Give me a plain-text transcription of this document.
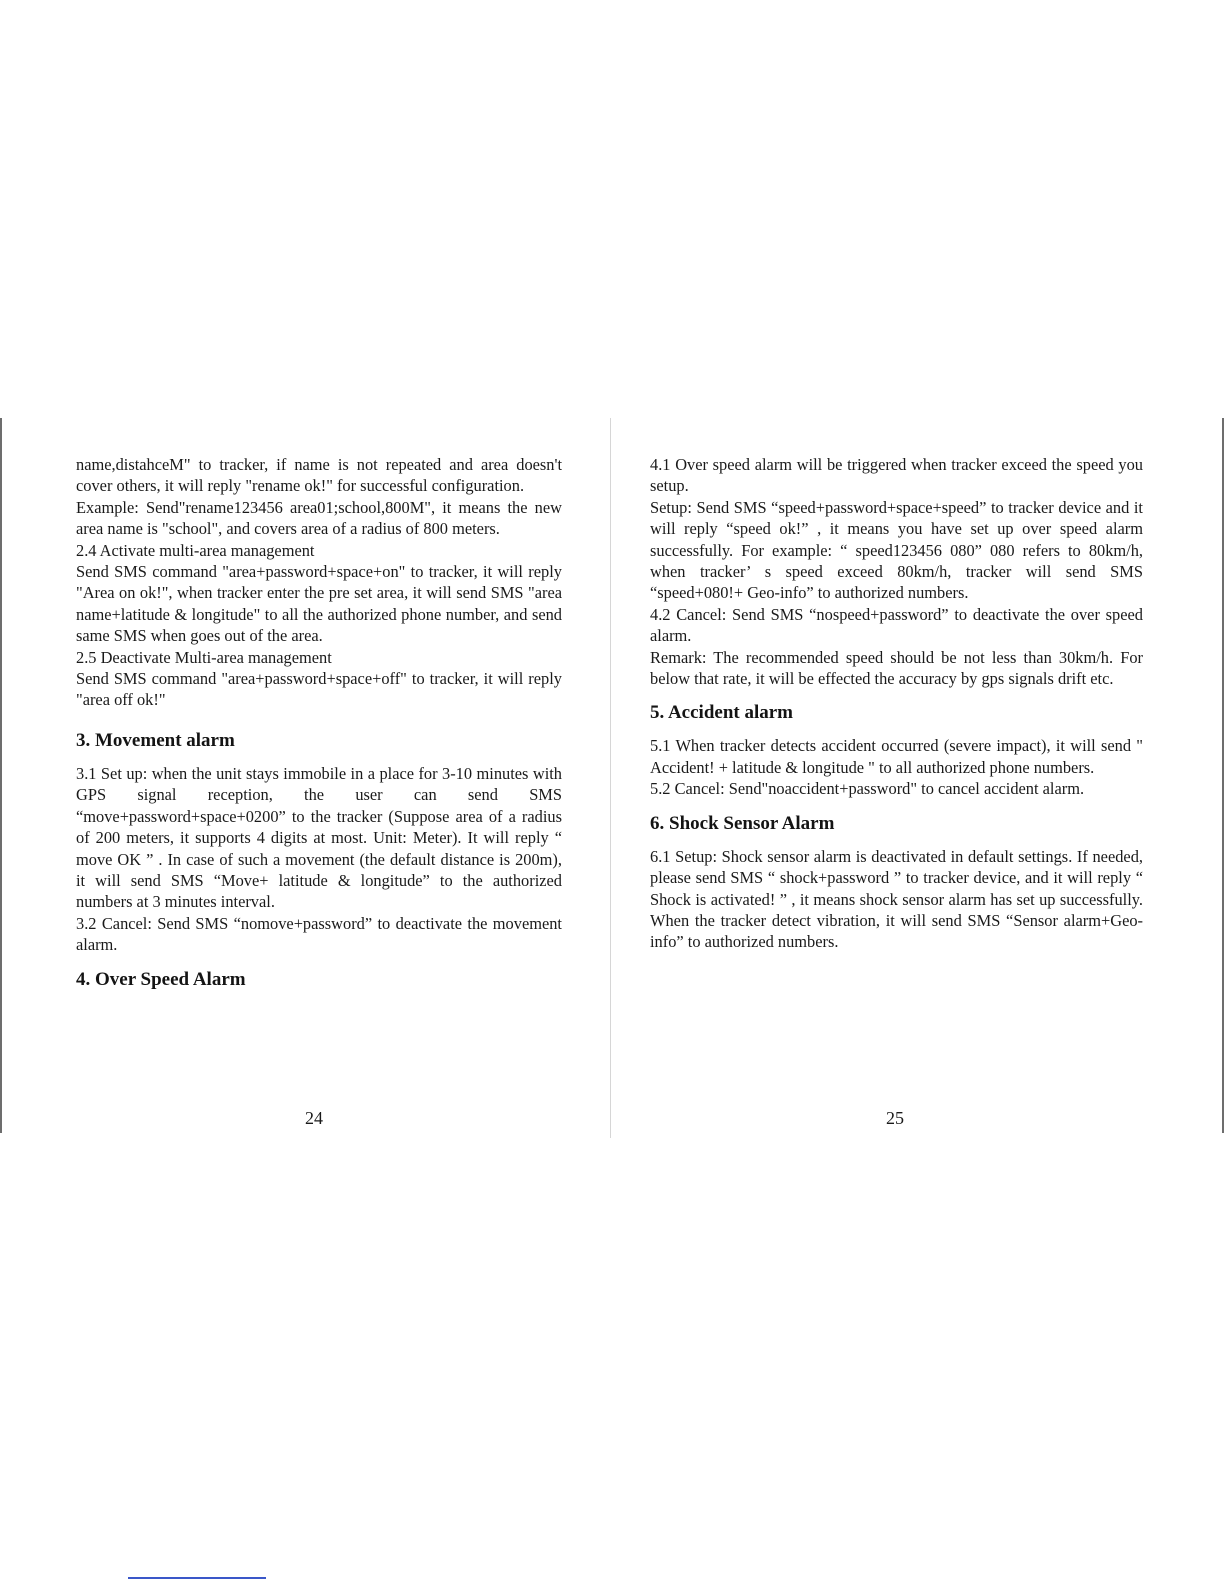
name,distahceM" to tracker, if name is not repeated and area doesn't cover others, it will reply "rename ok!" for successful configuration.

Example: Send"rename123456 area01;school,800M", it means the new area name is "school", and covers area of a radius of 800 meters.

2.4 Activate multi-area management

Send SMS command "area+password+space+on" to tracker, it will reply "Area on ok!", when tracker enter the pre set area, it will send SMS "area name+latitude & longitude" to all the authorized phone number, and send same SMS when goes out of the area.

2.5 Deactivate Multi-area management

Send SMS command "area+password+space+off" to tracker, it will reply "area off ok!"

3. Movement alarm

3.1 Set up: when the unit stays immobile in a place for 3-10 minutes with GPS signal reception, the user can send SMS “move+password+space+0200” to the tracker (Suppose area of a radius of 200 meters, it supports 4 digits at most. Unit: Meter). It will reply “ move OK ” . In case of such a movement (the default distance is 200m), it will send SMS “Move+ latitude & longitude” to the authorized numbers at 3 minutes interval.

3.2 Cancel: Send SMS “nomove+password” to deactivate the movement alarm.

4. Over Speed Alarm
24

4.1 Over speed alarm will be triggered when tracker exceed the speed you setup.

Setup: Send SMS “speed+password+space+speed” to tracker device and it will reply “speed ok!” , it means you have set up over speed alarm successfully. For example: “ speed123456 080” 080 refers to 80km/h, when tracker’ s speed exceed 80km/h, tracker will send SMS “speed+080!+ Geo-info” to authorized numbers.

4.2 Cancel: Send SMS “nospeed+password” to deactivate the over speed alarm.

Remark: The recommended speed should be not less than 30km/h. For below that rate, it will be effected the accuracy by gps signals drift etc.

5. Accident alarm

5.1 When tracker detects accident occurred (severe impact), it will send " Accident! + latitude & longitude " to all authorized phone numbers.

5.2 Cancel: Send"noaccident+password" to cancel accident alarm.

6. Shock Sensor Alarm

6.1 Setup: Shock sensor alarm is deactivated in default settings. If needed, please send SMS “ shock+password ” to tracker device, and it will reply “ Shock is activated! ” , it means shock sensor alarm has set up successfully. When the tracker detect vibration, it will send SMS “Sensor alarm+Geo-info” to authorized numbers.

25
